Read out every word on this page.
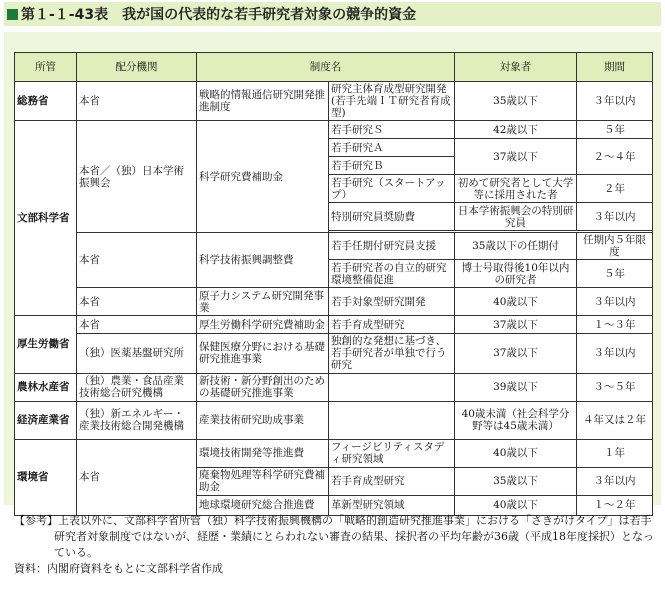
第１-１-43表　我が国の代表的な若手研究者対象の競争的資金
所管	配分機関	制度名		対象者	期間
総務省	本省	戦略的情報通信研究開発推進制度	研究主体育成型研究開発(若手先端ＩＴ研究者育成型)	35歳以下	３年以内
文部科学省	本省／（独）日本学術振興会	科学研究費補助金	若手研究Ｓ	42歳以下	５年
			若手研究Ａ	37歳以下	２～４年
			若手研究Ｂ		
			若手研究（スタートアップ）	初めて研究者として大学等に採用された者	２年
			特別研究員奨励費	日本学術振興会の特別研究員	３年以内

	本省	科学技術振興調整費	若手任期付研究員支援	35歳以下の任期付	任期内５年限度
			若手研究者の自立的研究環境整備促進	博士号取得後10年以内の研究者	５年
	本省	原子力システム研究開発事業	若手対象型研究開発	40歳以下	３年以内
厚生労働省	本省	厚生労働科学研究費補助金	若手育成型研究	37歳以下	１～３年
	（独）医薬基盤研究所	保健医療分野における基礎研究推進事業	独創的な発想に基づき、若手研究者が単独で行う研究	37歳以下	３年以内
農林水産省	（独）農業・食品産業技術総合研究機構	新技術・新分野創出のための基礎研究推進事業		39歳以下	３～５年
経済産業省	（独）新エネルギー・産業技術総合開発機構	産業技術研究助成事業		40歳未満（社会科学分野等は45歳未満）	４年又は２年
環境省	本省	環境技術開発等推進費	フィージビリティスタディ研究領域	40歳以下	１年
		廃棄物処理等科学研究費補助金	若手育成型研究	35歳以下	３年以内
		地球環境研究総合推進費	革新型研究領域	40歳以下	１～２年
【参考】上表以外に、文部科学省所管（独）科学技術振興機構の「戦略的創造研究推進事業」における「さきがけタイプ」は若手研究者対象制度ではないが、経歴・業績にとらわれない審査の結果、採択者の平均年齢が36歳（平成18年度採択）となっている。
資料：内閣府資料をもとに文部科学省作成
